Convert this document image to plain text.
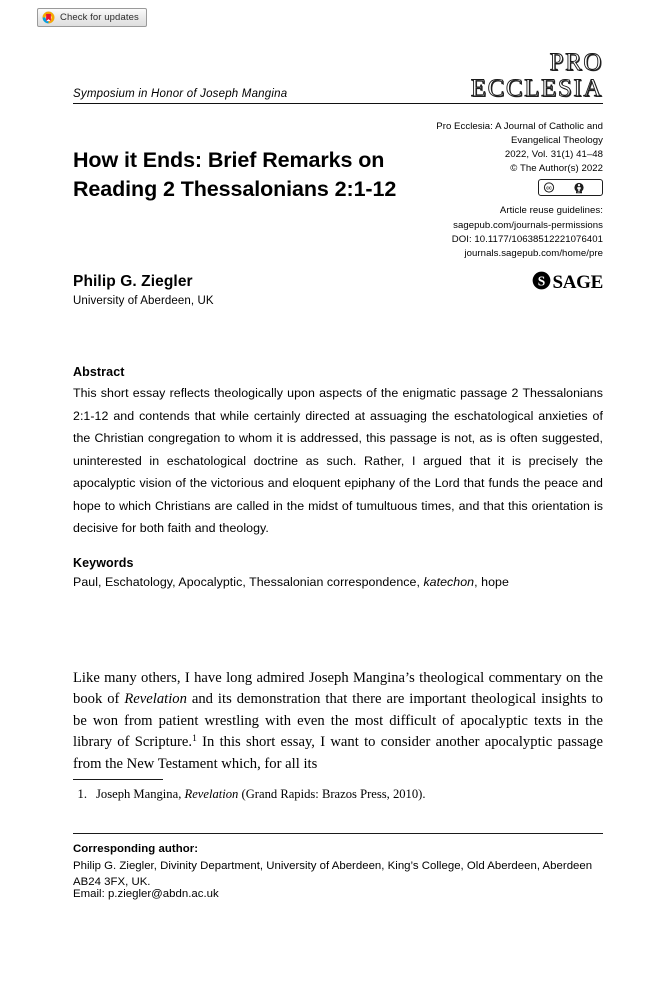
Check for updates
Symposium in Honor of Joseph Mangina
PRO
ECCLESIA
How it Ends: Brief Remarks on Reading 2 Thessalonians 2:1-12
Philip G. Ziegler
University of Aberdeen, UK
Pro Ecclesia: A Journal of Catholic and
Evangelical Theology
2022, Vol. 31(1) 41–48
© The Author(s) 2022
cc
BY
Article reuse guidelines:
sagepub.com/journals-permissions
DOI: 10.1177/10638512221076401
journals.sagepub.com/home/pre
S SAGE
Abstract
This short essay reflects theologically upon aspects of the enigmatic passage 2 Thessalonians 2:1-12 and contends that while certainly directed at assuaging the eschatological anxieties of the Christian congregation to whom it is addressed, this passage is not, as is often suggested, uninterested in eschatological doctrine as such. Rather, I argued that it is precisely the apocalyptic vision of the victorious and eloquent epiphany of the Lord that funds the peace and hope to which Christians are called in the midst of tumultuous times, and that this orientation is decisive for both faith and theology.
Keywords
Paul, Eschatology, Apocalyptic, Thessalonian correspondence, katechon, hope
Like many others, I have long admired Joseph Mangina’s theological commentary on the book of Revelation and its demonstration that there are important theological insights to be won from patient wrestling with even the most difficult of apocalyptic texts in the library of Scripture.$^1$ In this short essay, I want to consider another apocalyptic passage from the New Testament which, for all its
1. Joseph Mangina, Revelation (Grand Rapids: Brazos Press, 2010).
Corresponding author:
Philip G. Ziegler, Divinity Department, University of Aberdeen, King’s College, Old Aberdeen, Aberdeen AB24 3FX, UK.
Email: p.ziegler@abdn.ac.uk
